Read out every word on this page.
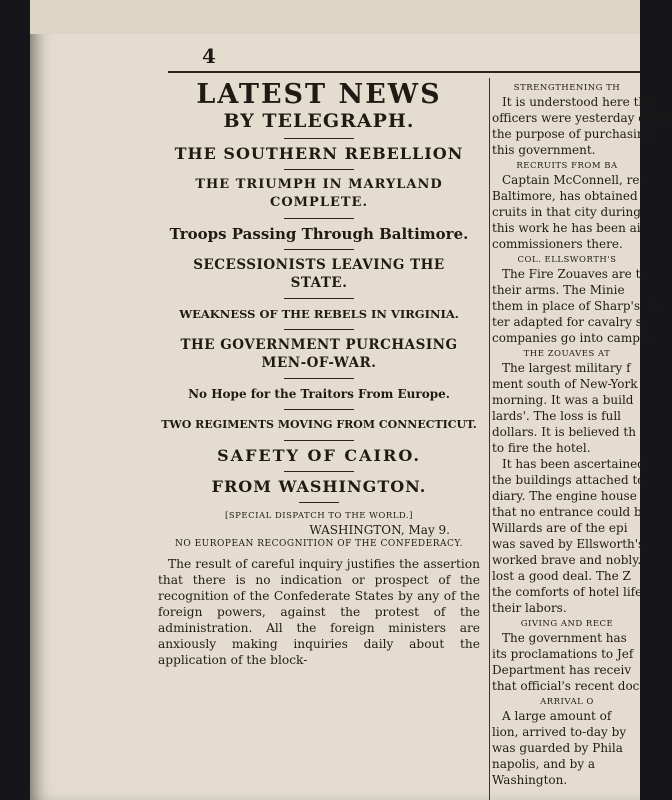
4
LATEST NEWS
BY TELEGRAPH.
THE SOUTHERN REBELLION
THE TRIUMPH IN MARYLAND COMPLETE.
Troops Passing Through Baltimore.
SECESSIONISTS LEAVING THE STATE.
WEAKNESS OF THE REBELS IN VIRGINIA.
THE GOVERNMENT PURCHASING MEN-OF-WAR.
No Hope for the Traitors From Europe.
TWO REGIMENTS MOVING FROM CONNECTICUT.
SAFETY OF CAIRO.
FROM WASHINGTON.
[SPECIAL DISPATCH TO THE WORLD.]
WASHINGTON, May 9.
NO EUROPEAN RECOGNITION OF THE CONFEDERACY.
The result of careful inquiry justifies the assertion that there is no indication or prospect of the recognition of the Confederate States by any of the foreign powers, against the protest of the administration. All the foreign ministers are anxiously making inquiries daily about the application of the block-

STRENGTHENING TH

It is understood here that

officers were yesterday order

the purpose of purchasing

this government.

RECRUITS FROM BA

Captain McConnell, rec

Baltimore, has obtained

cruits in that city during

this work he has been ai

commissioners there.

COL. ELLSWORTH'S

The Fire Zouaves are to

their arms. The Minie

them in place of Sharp's, th

ter adapted for cavalry se

companies go into camp to

THE ZOUAVES AT

The largest military f

ment south of New-York

morning. It was a build

lards'. The loss is full

dollars. It is believed th

to fire the hotel.

It has been ascertained

the buildings attached to

diary. The engine house

that no entrance could b

Willards are of the epi

was saved by Ellsworth's

worked brave and nobly.

lost a good deal. The Z

the comforts of hotel life

their labors.

GIVING AND RECE

The government has

its proclamations to Jef

Department has receiv

that official's recent doc

ARRIVAL O

A large amount of

lion, arrived to-day by

was guarded by Phila

napolis, and by a

Washington.
